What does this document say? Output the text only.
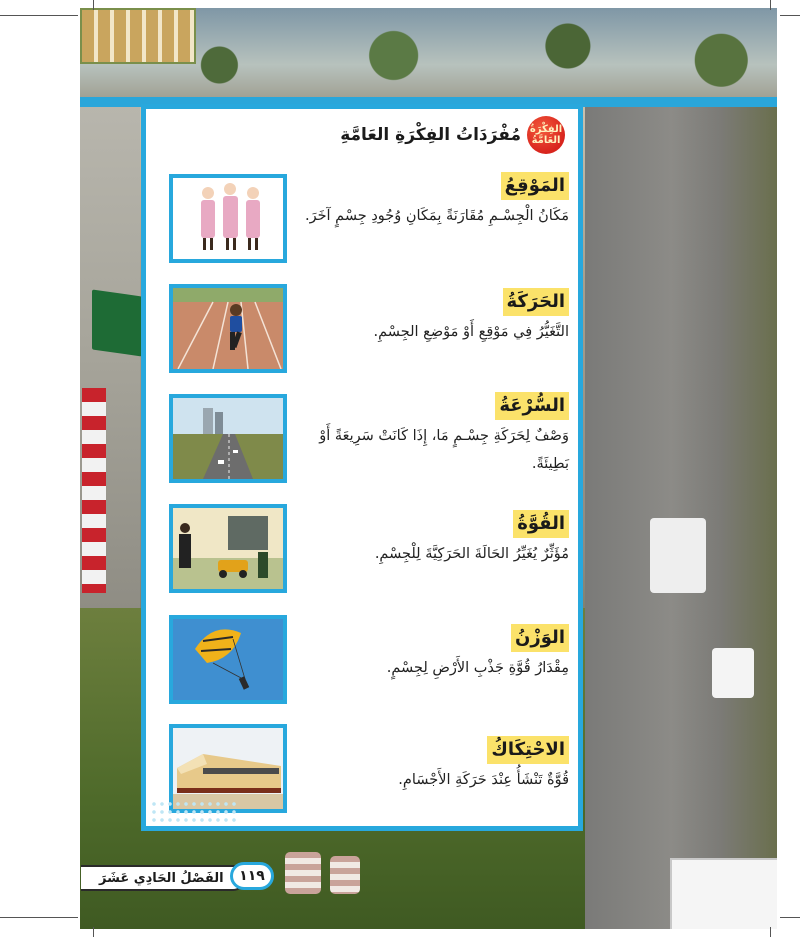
الفِكْرَةُ
العَامَّةُ
مُفْرَدَاتُ الفِكْرَةِ العَامَّةِ
المَوْقِعُ
مَكَانُ الْجِسْـمِ مُقَارَنَةً بِمَكَانِ وُجُودِ جِسْمٍ آخَرَ.
الحَرَكَةُ
التَّغَيُّرُ فِي مَوْقِعِ أَوْ مَوْضِعِ الجِسْمِ.
السُّرْعَةُ
وَصْفٌ لِحَرَكَةِ جِسْـمٍ مَا، إِذَا كَانَتْ سَرِيعَةً أَوْ بَطِيئَةً.
القُوَّةُ
مُؤَثِّرٌ يُغَيِّرُ الحَالَةَ الحَرَكِيَّةَ لِلْجِسْمِ.
الوَزْنُ
مِقْدَارُ قُوَّةِ جَذْبِ الأَرْضِ لِجِسْمٍ.
الاحْتِكَاكُ
قُوَّةٌ تَنْشَأُ عِنْدَ حَرَكَةِ الأَجْسَامِ.
الفَصْلُ الحَادِي عَشَرَ	١١٩
